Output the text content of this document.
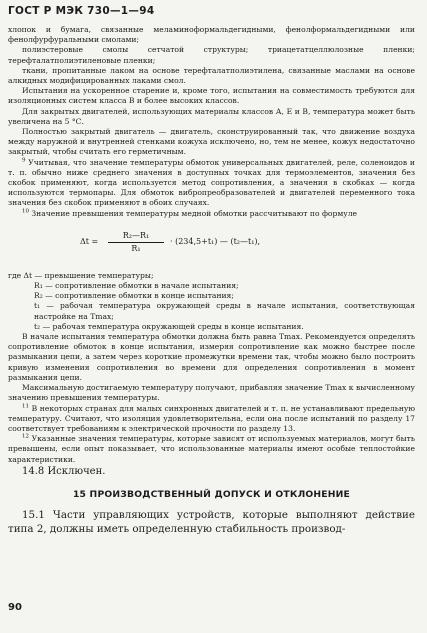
ГОСТ Р МЭК 730—1—94

хлопок и бумага, связанные меламиноформальдегидными, фенолформальдегидными или фенолфурфуральными смолами;

полиэстеровые смолы сетчатой структуры; триацетатцеллюлозные пленки; терефталатполиэтиленовые пленки;

ткани, пропитанные лаком на основе терефталатполиэтилена, связанные маслами на основе алкидных модифицированных лаками смол.

Испытания на ускоренное старение и, кроме того, испытания на совместимость требуются для изоляционных систем класса В и более высоких классов.

Для закрытых двигателей, использующих материалы классов А, Е и В, температура может быть увеличена на 5 °С.

Полностью закрытый двигатель — двигатель, сконструированный так, что движение воздуха между наружной и внутренней стенками кожуха исключено, но, тем не менее, кожух недостаточно закрытый, чтобы считать его герметичным.

$^9$ Учитывая, что значение температуры обмоток универсальных двигателей, реле, соленоидов и т. п. обычно ниже среднего значения в доступных точках для термоэлементов, значения без скобок применяют, когда используется метод сопротивления, а значения в скобках — когда используются термопары. Для обмоток вибропреобразователей и двигателей переменного тока значения без скобок применяют в обоих случаях.

$^{10}$ Значение превышения температуры медной обмотки рассчитывают по формуле

$\Delta t = \frac{\text{R₂—R₁}}{\text{R₁}} \cdot (234,5+t_1)$ — (t₂—t₁),

где Δt — превышение температуры;

R₁ — сопротивление обмотки в начале испытания;

R₂ — сопротивление обмотки в конце испытания;

t₁ — рабочая температура окружающей среды в начале испытания, соответствующая настройке на Tmax;

t₂ — рабочая температура окружающей среды в конце испытания.

В начале испытания температура обмотки должна быть равна Tmax. Рекомендуется определять сопротивление обмоток в конце испытания, измеряя сопротивление как можно быстрее после размыкания цепи, а затем через короткие промежутки времени так, чтобы можно было построить кривую изменения сопротивления во времени для определения сопротивления в момент размыкания цепи.

Максимальную достигаемую температуру получают, прибавляя значение Tmax к вычисленному значению превышения температуры.

$^{11}$ В некоторых странах для малых синхронных двигателей и т. п. не устанавливают предельную температуру. Считают, что изоляция удовлетворительна, если она после испытаний по разделу 17 соответствует требованиям к электрической прочности по разделу 13.

$^{12}$ Указанные значения температуры, которые зависят от используемых материалов, могут быть превышены, если опыт показывает, что использованные материалы имеют особые теплостойкие характеристики.

14.8 Исключен.

15 ПРОИЗВОДСТВЕННЫЙ ДОПУСК И ОТКЛОНЕНИЕ

15.1 Части управляющих устройств, которые выполняют действие типа 2, должны иметь определенную стабильность производ-

90
